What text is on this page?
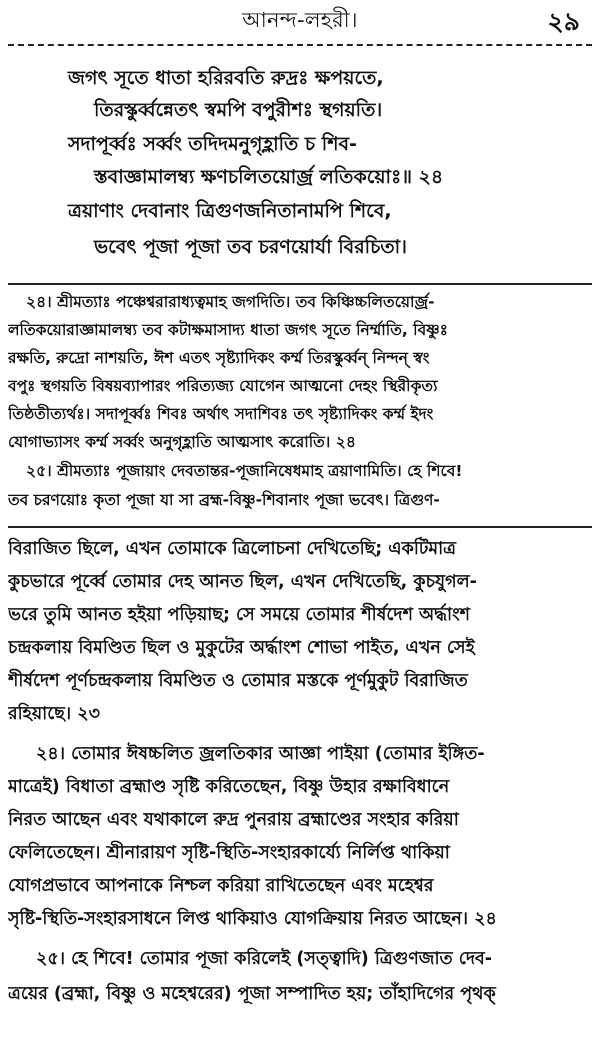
আনন্দ-লহরী।	২৯
জগৎ সূতে ধাতা হরিরবতি রুদ্রঃ ক্ষপয়তে,
তিরস্কুর্ব্বন্নেতৎ স্বমপি বপুরীশঃ স্থগয়তি।
সদাপূর্ব্বঃ সর্ব্বং তদিদমনুগৃহ্লাতি চ শিব-
স্তবাজ্ঞামালম্ব্য ক্ষণচলিতয়োর্জ্র লতিকয়োঃ॥ ২৪
ত্রয়াণাং দেবানাং ত্রিগুণজনিতানামপি শিবে,
ভবেৎ পূজা পূজা তব চরণয়োর্যা বিরচিতা।
২৪। শ্রীমত্যাঃ পঞ্চেশ্বরারাধ্যত্বমাহ জগদিতি। তব কিঞ্চিচ্চলিতয়োর্জ্র-
লতিকয়োরাজ্ঞামালম্ব্য তব কটাক্ষমাসাদ্য ধাতা জগৎ সূতে নির্ম্মাতি, বিষ্ণুঃ
রক্ষতি, রুদ্রো নাশয়তি, ঈশ এতৎ সৃষ্ট্যাদিকং কর্ম্ম তিরস্কুর্ব্বন্ নিন্দন্ স্বং
বপুঃ স্থগয়তি বিষয়ব্যাপারং পরিত্যজ্য যোগেন আত্মনো দেহং স্থিরীকৃত্য
তিষ্ঠতীত্যর্থঃ। সদাপূর্ব্বঃ শিবঃ অর্থাৎ সদাশিবঃ তৎ সৃষ্ট্যাদিকং কর্ম্ম ইদং
যোগাভ্যাসং কর্ম্ম সর্ব্বং অনুগৃহ্লাতি আত্মসাৎ করোতি। ২৪
২৫। শ্রীমত্যাঃ পূজায়াং দেবতান্তর-পূজানিষেধমাহ ত্রয়াণামিতি। হে শিবে!
তব চরণয়োঃ কৃতা পূজা যা সা ব্রহ্ম-বিষ্ণু-শিবানাং পূজা ভবেৎ। ত্রিগুণ-
বিরাজিত ছিলে, এখন তোমাকে ত্রিলোচনা দেখিতেছি; একটিমাত্র
কুচভারে পূর্ব্বে তোমার দেহ আনত ছিল, এখন দেখিতেছি, কুচযুগল-
ভরে তুমি আনত হইয়া পড়িয়াছ; সে সময়ে তোমার শীর্ষদেশ অর্দ্ধাংশ
চন্দ্রকলায় বিমণ্ডিত ছিল ও মুকুটের অর্দ্ধাংশ শোভা পাইত, এখন সেই
শীর্ষদেশ পূর্ণচন্দ্রকলায় বিমণ্ডিত ও তোমার মস্তকে পূর্ণমুকুট বিরাজিত
রহিয়াছে। ২৩
২৪। তোমার ঈষচ্চলিত জ্রলতিকার আজ্ঞা পাইয়া (তোমার ইঙ্গিত-
মাত্রেই) বিধাতা ব্রহ্মাণ্ড সৃষ্টি করিতেছেন, বিষ্ণু উহার রক্ষাবিধানে
নিরত আছেন এবং যথাকালে রুদ্র পুনরায় ব্রহ্মাণ্ডের সংহার করিয়া
ফেলিতেছেন। শ্রীনারায়ণ সৃষ্টি-স্থিতি-সংহারকার্য্যে নির্লিপ্ত থাকিয়া
যোগপ্রভাবে আপনাকে নিশ্চল করিয়া রাখিতেছেন এবং মহেশ্বর
সৃষ্টি-স্থিতি-সংহারসাধনে লিপ্ত থাকিয়াও যোগক্রিয়ায় নিরত আছেন। ২৪
২৫। হে শিবে! তোমার পূজা করিলেই (সত্ত্বাদি) ত্রিগুণজাত দেব-
ত্রয়ের (ব্রহ্মা, বিষ্ণু ও মহেশ্বরের) পূজা সম্পাদিত হয়; তাঁহাদিগের পৃথক্
